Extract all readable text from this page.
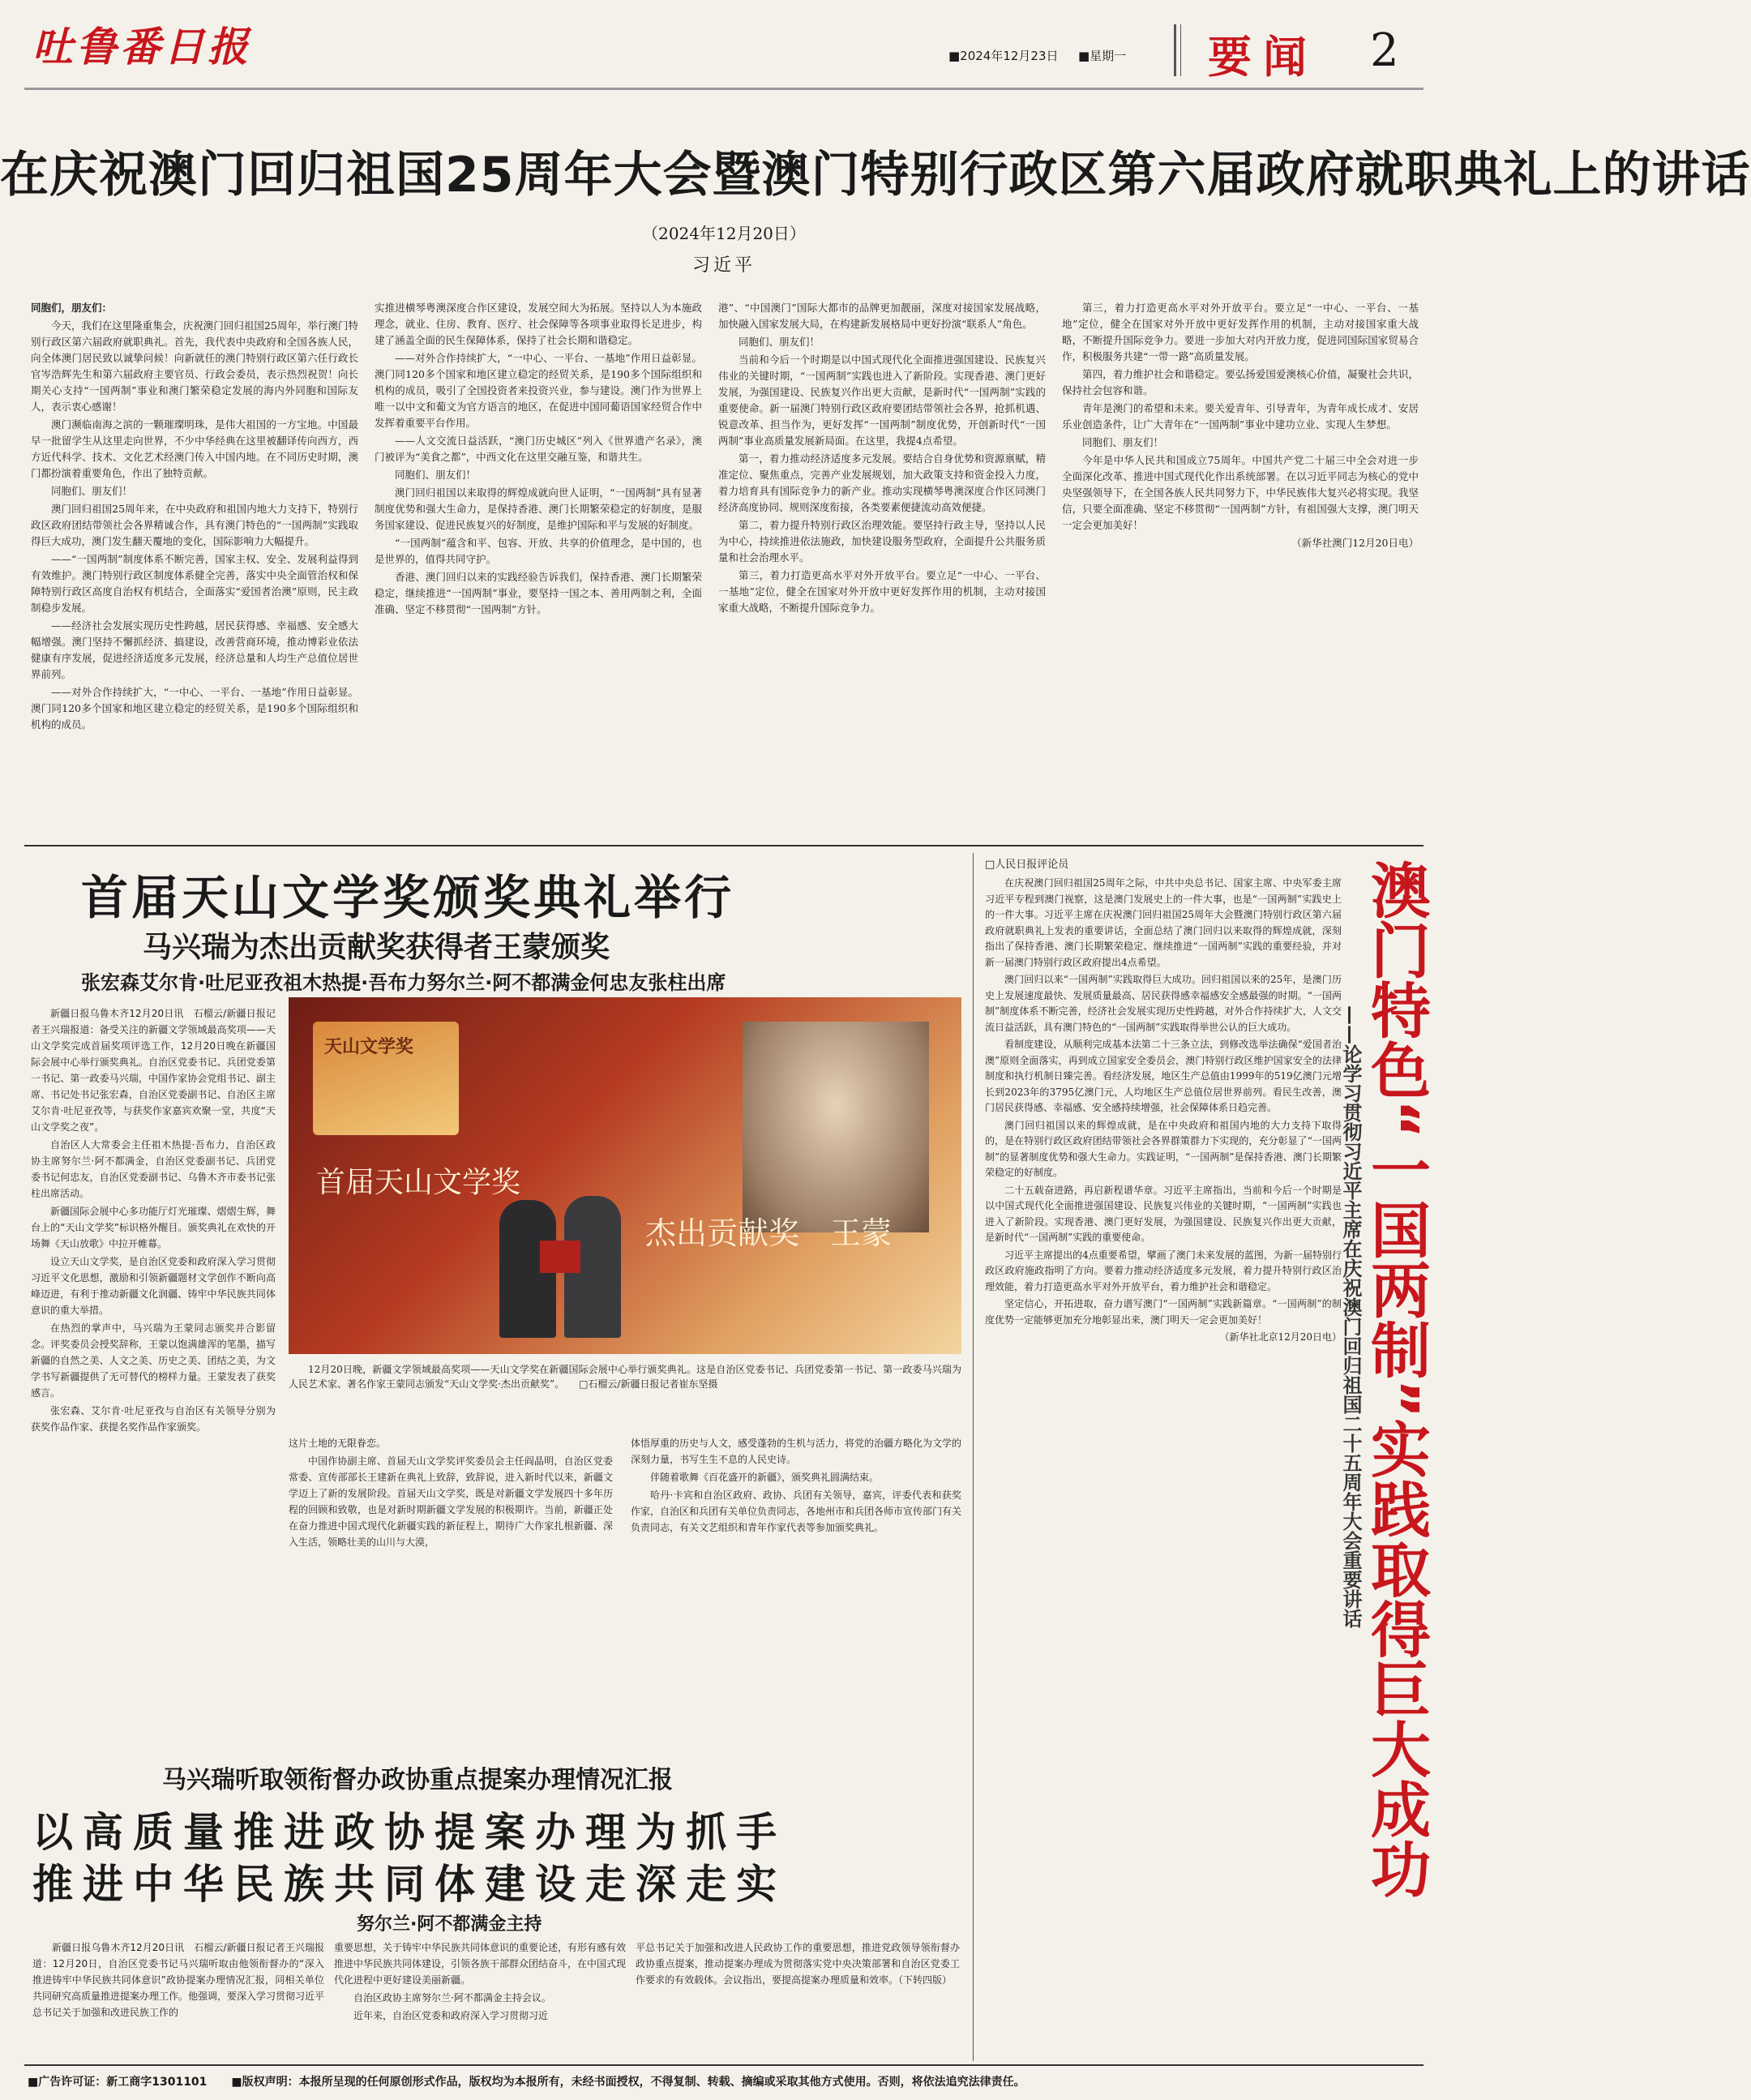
吐鲁番日报	■2024年12月23日 ■星期一 要闻 2
在庆祝澳门回归祖国25周年大会暨澳门特别行政区第六届政府就职典礼上的讲话
（2024年12月20日）
习近平

同胞们，朋友们：

今天，我们在这里隆重集会，庆祝澳门回归祖国25周年，举行澳门特别行政区第六届政府就职典礼。首先，我代表中央政府和全国各族人民，向全体澳门居民致以诚挚问候！向新就任的澳门特别行政区第六任行政长官岑浩辉先生和第六届政府主要官员、行政会委员，表示热烈祝贺！向长期关心支持“一国两制”事业和澳门繁荣稳定发展的海内外同胞和国际友人，表示衷心感谢！

澳门濒临南海之滨的一颗璀璨明珠，是伟大祖国的一方宝地。中国最早一批留学生从这里走向世界，不少中华经典在这里被翻译传向西方，西方近代科学、技术、文化艺术经澳门传入中国内地。在不同历史时期，澳门都扮演着重要角色，作出了独特贡献。

同胞们、朋友们！

澳门回归祖国25周年来，在中央政府和祖国内地大力支持下，特别行政区政府团结带领社会各界精诚合作，具有澳门特色的“一国两制”实践取得巨大成功，澳门发生翻天覆地的变化，国际影响力大幅提升。

——“一国两制”制度体系不断完善，国家主权、安全、发展利益得到有效维护。澳门特别行政区制度体系健全完善，落实中央全面管治权和保障特别行政区高度自治权有机结合，全面落实“爱国者治澳”原则，民主政制稳步发展。

——经济社会发展实现历史性跨越，居民获得感、幸福感、安全感大幅增强。澳门坚持不懈抓经济、搞建设，改善营商环境，推动博彩业依法健康有序发展，促进经济适度多元发展，经济总量和人均生产总值位居世界前列。

——对外合作持续扩大，“一中心、一平台、一基地”作用日益彰显。澳门同120多个国家和地区建立稳定的经贸关系，是190多个国际组织和机构的成员。

实推进横琴粤澳深度合作区建设，发展空间大为拓展。坚持以人为本施政理念，就业、住房、教育、医疗、社会保障等各项事业取得长足进步，构建了涵盖全面的民生保障体系，保持了社会长期和谐稳定。

——对外合作持续扩大，“一中心、一平台、一基地”作用日益彰显。澳门同120多个国家和地区建立稳定的经贸关系，是190多个国际组织和机构的成员，吸引了全国投资者来投资兴业，参与建设。澳门作为世界上唯一以中文和葡文为官方语言的地区，在促进中国同葡语国家经贸合作中发挥着重要平台作用。

——人文交流日益活跃，“澳门历史城区”列入《世界遗产名录》，澳门被评为“美食之都”，中西文化在这里交融互鉴，和谐共生。

同胞们、朋友们！

澳门回归祖国以来取得的辉煌成就向世人证明，“一国两制”具有显著制度优势和强大生命力，是保持香港、澳门长期繁荣稳定的好制度，是服务国家建设、促进民族复兴的好制度，是维护国际和平与发展的好制度。

“一国两制”蕴含和平、包容、开放、共享的价值理念，是中国的，也是世界的，值得共同守护。

香港、澳门回归以来的实践经验告诉我们，保持香港、澳门长期繁荣稳定，继续推进“一国两制”事业，要坚持一国之本、善用两制之利，全面准确、坚定不移贯彻“一国两制”方针。

港”、“中国澳门”国际大都市的品牌更加靓丽，深度对接国家发展战略，加快融入国家发展大局，在构建新发展格局中更好扮演“联系人”角色。

同胞们、朋友们！

当前和今后一个时期是以中国式现代化全面推进强国建设、民族复兴伟业的关键时期，“一国两制”实践也进入了新阶段。实现香港、澳门更好发展，为强国建设、民族复兴作出更大贡献，是新时代“一国两制”实践的重要使命。新一届澳门特别行政区政府要团结带领社会各界，抢抓机遇、锐意改革、担当作为，更好发挥“一国两制”制度优势，开创新时代“一国两制”事业高质量发展新局面。在这里，我提4点希望。

第一，着力推动经济适度多元发展。要结合自身优势和资源禀赋，精准定位、聚焦重点，完善产业发展规划，加大政策支持和资金投入力度，着力培育具有国际竞争力的新产业。推动实现横琴粤澳深度合作区同澳门经济高度协同、规则深度衔接，各类要素便捷流动高效便捷。

第二，着力提升特别行政区治理效能。要坚持行政主导，坚持以人民为中心，持续推进依法施政，加快建设服务型政府，全面提升公共服务质量和社会治理水平。

第三，着力打造更高水平对外开放平台。要立足“一中心、一平台、一基地”定位，健全在国家对外开放中更好发挥作用的机制，主动对接国家重大战略，不断提升国际竞争力。

第三，着力打造更高水平对外开放平台。要立足“一中心、一平台、一基地”定位，健全在国家对外开放中更好发挥作用的机制，主动对接国家重大战略，不断提升国际竞争力。要进一步加大对内开放力度，促进同国际国家贸易合作，积极服务共建“一带一路”高质量发展。

第四，着力维护社会和谐稳定。要弘扬爱国爱澳核心价值，凝聚社会共识，保持社会包容和谐。

青年是澳门的希望和未来。要关爱青年、引导青年，为青年成长成才、安居乐业创造条件，让广大青年在“一国两制”事业中建功立业、实现人生梦想。

同胞们、朋友们！

今年是中华人民共和国成立75周年。中国共产党二十届三中全会对进一步全面深化改革、推进中国式现代化作出系统部署。在以习近平同志为核心的党中央坚强领导下，在全国各族人民共同努力下，中华民族伟大复兴必将实现。我坚信，只要全面准确、坚定不移贯彻“一国两制”方针，有祖国强大支撑，澳门明天一定会更加美好！

（新华社澳门12月20日电）

首届天山文学奖颁奖典礼举行
马兴瑞为杰出贡献奖获得者王蒙颁奖
张宏森艾尔肯·吐尼亚孜祖木热提·吾布力努尔兰·阿不都满金何忠友张柱出席

新疆日报乌鲁木齐12月20日讯　石榴云/新疆日报记者王兴瑞报道：备受关注的新疆文学领域最高奖项——天山文学奖完成首届奖项评选工作，12月20日晚在新疆国际会展中心举行颁奖典礼。自治区党委书记、兵团党委第一书记、第一政委马兴瑞，中国作家协会党组书记、副主席、书记处书记张宏森，自治区党委副书记、自治区主席艾尔肯·吐尼亚孜等，与获奖作家嘉宾欢聚一堂，共度“天山文学奖之夜”。

自治区人大常委会主任祖木热提·吾布力，自治区政协主席努尔兰·阿不都满金，自治区党委副书记、兵团党委书记何忠友，自治区党委副书记、乌鲁木齐市委书记张柱出席活动。

新疆国际会展中心多功能厅灯光璀璨、熠熠生辉，舞台上的“天山文学奖”标识格外醒目。颁奖典礼在欢快的开场舞《天山放歌》中拉开帷幕。

设立天山文学奖，是自治区党委和政府深入学习贯彻习近平文化思想，激励和引领新疆题材文学创作不断向高峰迈进，有利于推动新疆文化润疆、铸牢中华民族共同体意识的重大举措。

在热烈的掌声中，马兴瑞为王蒙同志颁奖并合影留念。评奖委员会授奖辞称，王蒙以饱满雄浑的笔墨，描写新疆的自然之美、人文之美、历史之美、团结之美，为文学书写新疆提供了无可替代的榜样力量。王蒙发表了获奖感言。

张宏森、艾尔肯·吐尼亚孜与自治区有关领导分别为获奖作品作家、获提名奖作品作家颁奖。

天山文学奖
首届天山文学奖
杰出贡献奖　王蒙
12月20日晚，新疆文学领域最高奖项——天山文学奖在新疆国际会展中心举行颁奖典礼。这是自治区党委书记、兵团党委第一书记、第一政委马兴瑞为人民艺术家、著名作家王蒙同志颁发“天山文学奖·杰出贡献奖”。　　□石榴云/新疆日报记者崔东坚摄

这片土地的无限眷恋。

中国作协副主席、首届天山文学奖评奖委员会主任阎晶明，自治区党委常委、宣传部部长王建新在典礼上致辞，致辞说，进入新时代以来，新疆文学迈上了新的发展阶段。首届天山文学奖，既是对新疆文学发展四十多年历程的回顾和致敬，也是对新时期新疆文学发展的积极期许。当前，新疆正处在奋力推进中国式现代化新疆实践的新征程上，期待广大作家扎根新疆、深入生活，领略壮美的山川与大漠，

体悟厚重的历史与人文，感受蓬勃的生机与活力，将党的治疆方略化为文学的深刻力量，书写生生不息的人民史诗。

伴随着歌舞《百花盛开的新疆》，颁奖典礼圆满结束。

哈丹·卡宾和自治区政府、政协、兵团有关领导，嘉宾，评委代表和获奖作家，自治区和兵团有关单位负责同志，各地州市和兵团各师市宣传部门有关负责同志，有关文艺组织和青年作家代表等参加颁奖典礼。

马兴瑞听取领衔督办政协重点提案办理情况汇报
以高质量推进政协提案办理为抓手
推进中华民族共同体建设走深走实
努尔兰·阿不都满金主持

新疆日报乌鲁木齐12月20日讯　石榴云/新疆日报记者王兴瑞报道：12月20日，自治区党委书记马兴瑞听取由他领衔督办的“深入推进铸牢中华民族共同体意识”政协提案办理情况汇报，同相关单位共同研究高质量推进提案办理工作。他强调，要深入学习贯彻习近平总书记关于加强和改进民族工作的

重要思想，关于铸牢中华民族共同体意识的重要论述，有形有感有效推进中华民族共同体建设，引领各族干部群众团结奋斗，在中国式现代化进程中更好建设美丽新疆。

自治区政协主席努尔兰·阿不都满金主持会议。

近年来，自治区党委和政府深入学习贯彻习近

平总书记关于加强和改进人民政协工作的重要思想，推进党政领导领衔督办政协重点提案，推动提案办理成为贯彻落实党中央决策部署和自治区党委工作要求的有效载体。会议指出，要提高提案办理质量和效率。（下转四版）

□人民日报评论员

在庆祝澳门回归祖国25周年之际，中共中央总书记、国家主席、中央军委主席习近平专程到澳门视察，这是澳门发展史上的一件大事，也是“一国两制”实践史上的一件大事。习近平主席在庆祝澳门回归祖国25周年大会暨澳门特别行政区第六届政府就职典礼上发表的重要讲话，全面总结了澳门回归以来取得的辉煌成就，深刻指出了保持香港、澳门长期繁荣稳定、继续推进“一国两制”实践的重要经验，并对新一届澳门特别行政区政府提出4点希望。

澳门回归以来“一国两制”实践取得巨大成功。回归祖国以来的25年，是澳门历史上发展速度最快、发展质量最高、居民获得感幸福感安全感最强的时期。“一国两制”制度体系不断完善，经济社会发展实现历史性跨越，对外合作持续扩大，人文交流日益活跃，具有澳门特色的“一国两制”实践取得举世公认的巨大成功。

看制度建设，从顺利完成基本法第二十三条立法，到修改选举法确保“爱国者治澳”原则全面落实，再到成立国家安全委员会，澳门特别行政区维护国家安全的法律制度和执行机制日臻完善。看经济发展，地区生产总值由1999年的519亿澳门元增长到2023年的3795亿澳门元，人均地区生产总值位居世界前列。看民生改善，澳门居民获得感、幸福感、安全感持续增强，社会保障体系日趋完善。

澳门回归祖国以来的辉煌成就，是在中央政府和祖国内地的大力支持下取得的，是在特别行政区政府团结带领社会各界群策群力下实现的，充分彰显了“一国两制”的显著制度优势和强大生命力。实践证明，“一国两制”是保持香港、澳门长期繁荣稳定的好制度。

二十五载奋进路，再启新程谱华章。习近平主席指出，当前和今后一个时期是以中国式现代化全面推进强国建设、民族复兴伟业的关键时期，“一国两制”实践也进入了新阶段。实现香港、澳门更好发展，为强国建设、民族复兴作出更大贡献，是新时代“一国两制”实践的重要使命。

习近平主席提出的4点重要希望，擘画了澳门未来发展的蓝图，为新一届特别行政区政府施政指明了方向。要着力推动经济适度多元发展，着力提升特别行政区治理效能，着力打造更高水平对外开放平台，着力维护社会和谐稳定。

坚定信心，开拓进取，奋力谱写澳门“一国两制”实践新篇章。“一国两制”的制度优势一定能够更加充分地彰显出来，澳门明天一定会更加美好！

（新华社北京12月20日电） 澳门特色“一国两制”实践取得巨大成功
——论学习贯彻习近平主席在庆祝澳门回归祖国二十五周年大会重要讲话
■广告许可证：新工商字1301101 ■版权声明：本报所呈现的任何原创形式作品，版权均为本报所有，未经书面授权，不得复制、转载、摘编或采取其他方式使用。否则，将依法追究法律责任。
